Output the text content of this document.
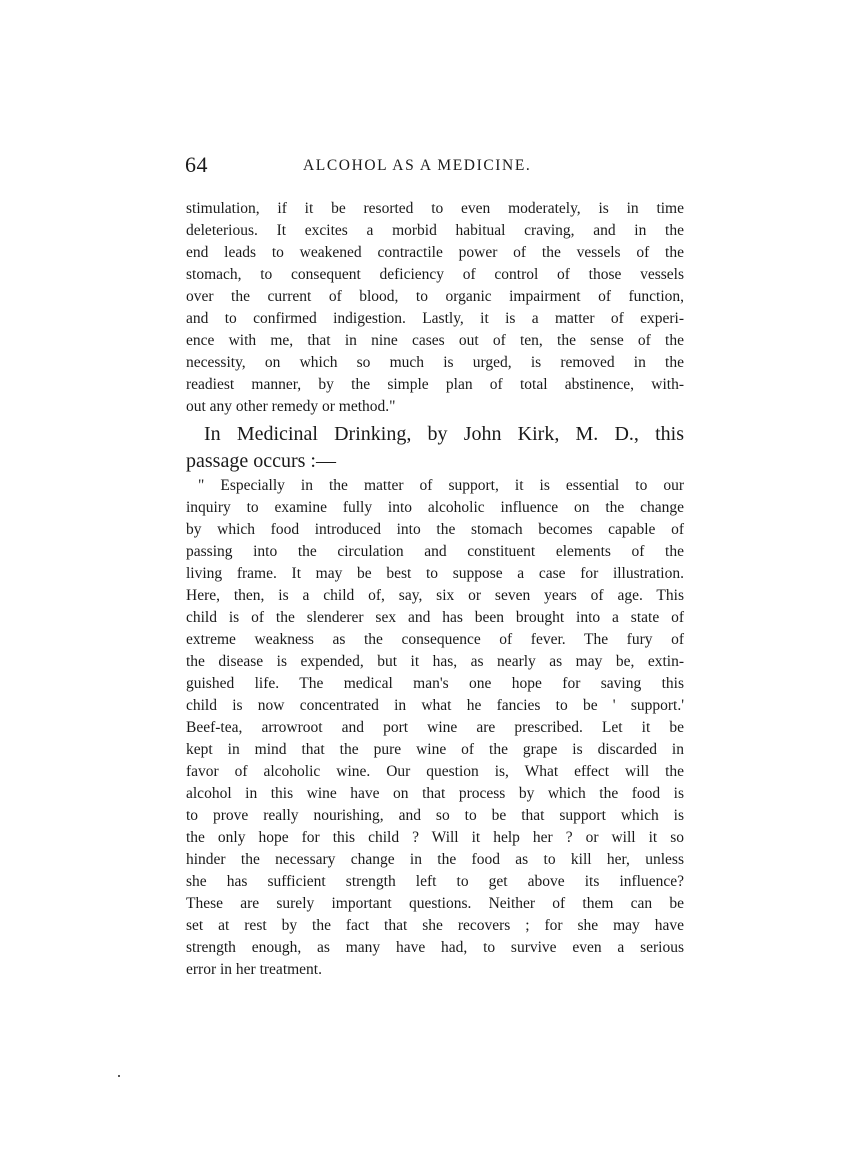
64	ALCOHOL AS A MEDICINE.
stimulation, if it be resorted to even moderately, is in time
deleterious. It excites a morbid habitual craving, and in the
end leads to weakened contractile power of the vessels of the
stomach, to consequent deficiency of control of those vessels
over the current of blood, to organic impairment of function,
and to confirmed indigestion. Lastly, it is a matter of experi-
ence with me, that in nine cases out of ten, the sense of the
necessity, on which so much is urged, is removed in the
readiest manner, by the simple plan of total abstinence, with-
out any other remedy or method."
In Medicinal Drinking, by John Kirk, M. D., this
passage occurs :—
" Especially in the matter of support, it is essential to our
inquiry to examine fully into alcoholic influence on the change
by which food introduced into the stomach becomes capable of
passing into the circulation and constituent elements of the
living frame. It may be best to suppose a case for illustration.
Here, then, is a child of, say, six or seven years of age. This
child is of the slenderer sex and has been brought into a state of
extreme weakness as the consequence of fever. The fury of
the disease is expended, but it has, as nearly as may be, extin-
guished life. The medical man's one hope for saving this
child is now concentrated in what he fancies to be ' support.'
Beef-tea, arrowroot and port wine are prescribed. Let it be
kept in mind that the pure wine of the grape is discarded in
favor of alcoholic wine. Our question is, What effect will the
alcohol in this wine have on that process by which the food is
to prove really nourishing, and so to be that support which is
the only hope for this child ? Will it help her ? or will it so
hinder the necessary change in the food as to kill her, unless
she has sufficient strength left to get above its influence?
These are surely important questions. Neither of them can be
set at rest by the fact that she recovers ; for she may have
strength enough, as many have had, to survive even a serious
error in her treatment.
